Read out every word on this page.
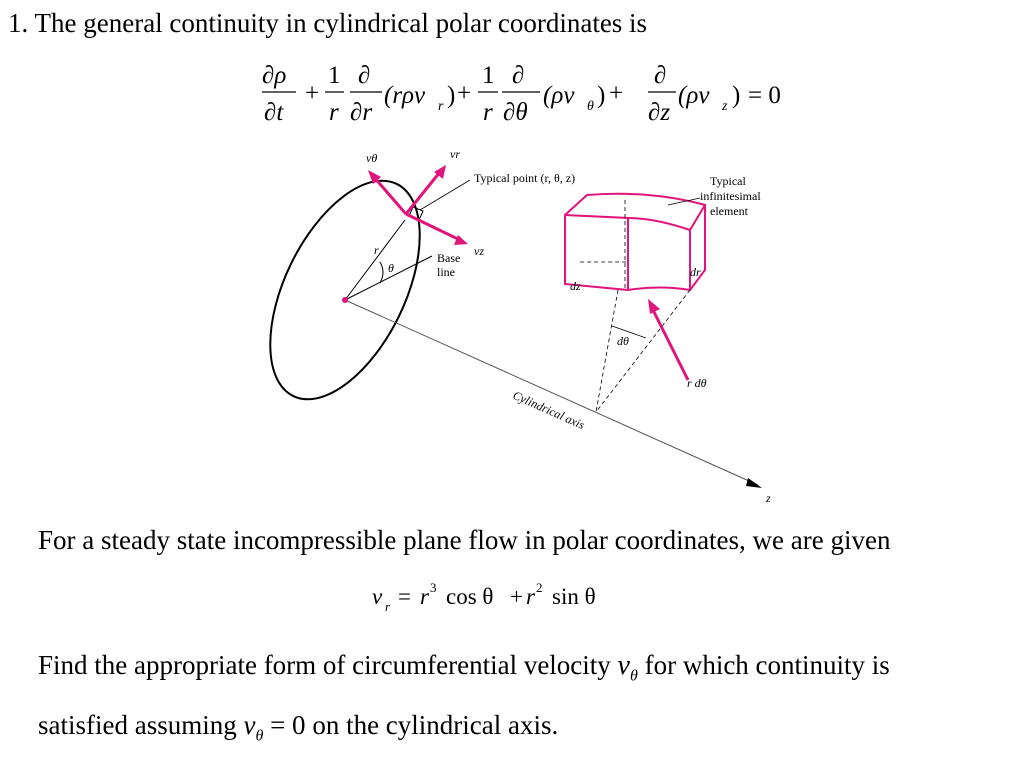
1. The general continuity in cylindrical polar coordinates is
∂ρ
∂t
+
1
r
∂
∂r
(rρv r ) +
1
r
∂
∂θ
(ρv θ ) +
∂
∂z
(ρv z ) = 0
vθ	vr
vz
Typical point (r, θ, z)	Typical
infinitesimal
element
Base
line
r
θ
dz
dr
dθ
r dθ
Cylindrical axis
z
v r = r 3 cos θ + r 2 sin θ
For a steady state incompressible plane flow in polar coordinates, we are given
Find the appropriate form of circumferential velocity $v_\theta$ for which continuity is
satisfied assuming $v_\theta = 0$ on the cylindrical axis.
